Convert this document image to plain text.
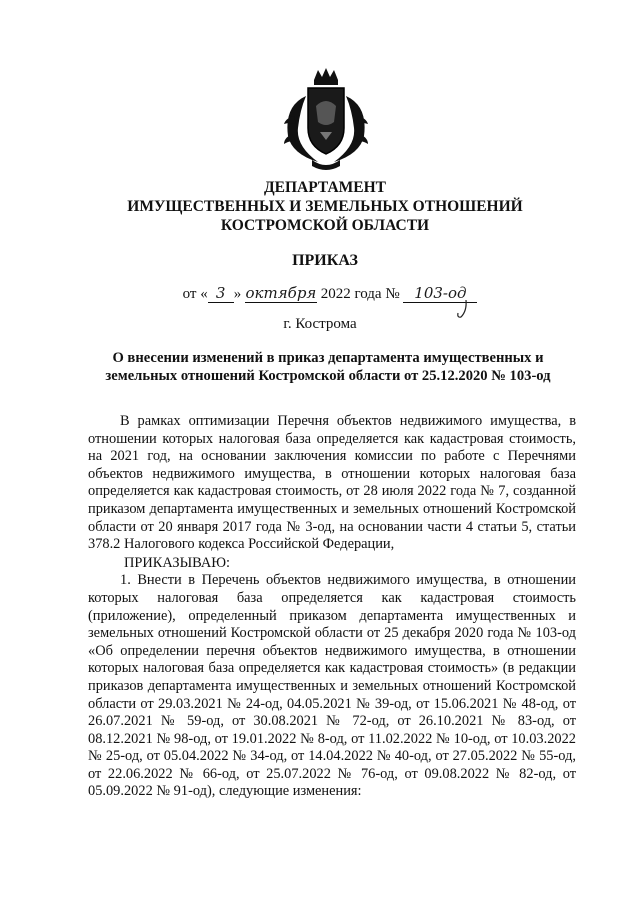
ДЕПАРТАМЕНТ
ИМУЩЕСТВЕННЫХ И ЗЕМЕЛЬНЫХ ОТНОШЕНИЙ
КОСТРОМСКОЙ ОБЛАСТИ
ПРИКАЗ
от « 3 » октября 2022 года № 103-од
г. Кострома
О внесении изменений в приказ департамента имущественных и
земельных отношений Костромской области от 25.12.2020 № 103-од

В рамках оптимизации Перечня объектов недвижимого имущества, в отношении которых налоговая база определяется как кадастровая стоимость, на 2021 год, на основании заключения комиссии по работе с Перечнями объектов недвижимого имущества, в отношении которых налоговая база определяется как кадастровая стоимость, от 28 июля 2022 года № 7, созданной приказом департамента имущественных и земельных отношений Костромской области от 20 января 2017 года № 3-од, на основании части 4 статьи 5, статьи 378.2 Налогового кодекса Российской Федерации,

ПРИКАЗЫВАЮ:

1. Внести в Перечень объектов недвижимого имущества, в отношении которых налоговая база определяется как кадастровая стоимость (приложение), определенный приказом департамента имущественных и земельных отношений Костромской области от 25 декабря 2020 года № 103-од «Об определении перечня объектов недвижимого имущества, в отношении которых налоговая база определяется как кадастровая стоимость» (в редакции приказов департамента имущественных и земельных отношений Костромской области от 29.03.2021 № 24-од, 04.05.2021 № 39-од, от 15.06.2021 № 48-од, от 26.07.2021 № 59-од, от 30.08.2021 № 72-од, от 26.10.2021 № 83-од, от 08.12.2021 № 98-од, от 19.01.2022 № 8-од, от 11.02.2022 № 10-од, от 10.03.2022 № 25-од, от 05.04.2022 № 34-од, от 14.04.2022 № 40-од, от 27.05.2022 № 55-од, от 22.06.2022 № 66-од, от 25.07.2022 № 76-од, от 09.08.2022 № 82-од, от 05.09.2022 № 91-од), следующие изменения:
